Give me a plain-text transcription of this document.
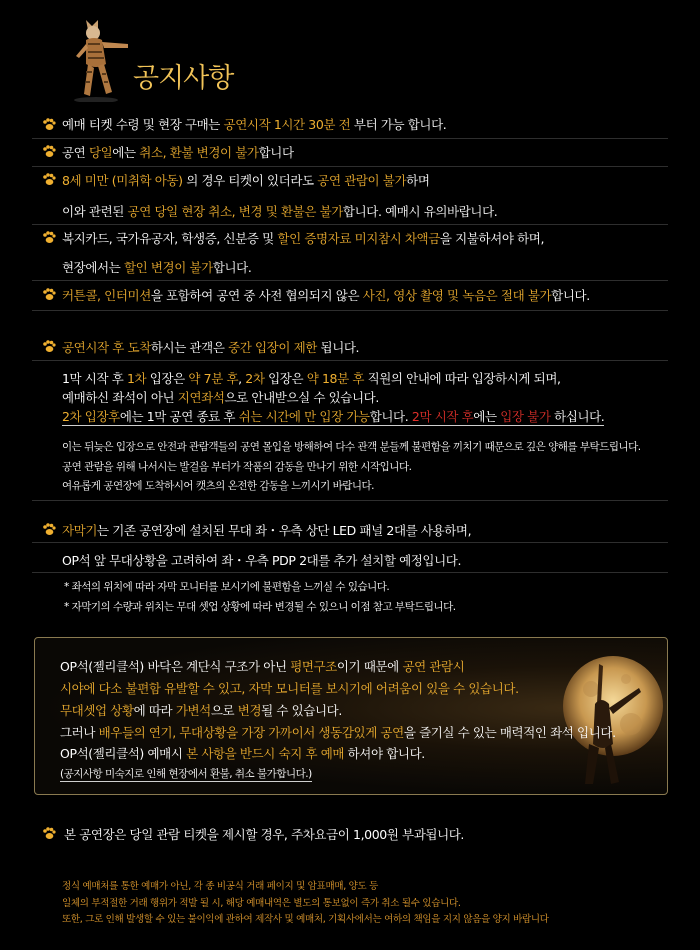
공지사항
예매 티켓 수령 및 현장 구매는 공연시작 1시간 30분 전 부터 가능 합니다.
공연 당일에는 취소, 환불 변경이 불가합니다
8세 미만 (미취학 아동) 의 경우 티켓이 있더라도 공연 관람이 불가하며
이와 관련된 공연 당일 현장 취소, 변경 및 환불은 불가합니다. 예매시 유의바랍니다.
복지카드, 국가유공자, 학생증, 신분증 및 할인 증명자료 미지참시 차액금을 지불하셔야 하며,
현장에서는 할인 변경이 불가합니다.
커튼콜, 인터미션을 포함하여 공연 중 사전 협의되지 않은 사진, 영상 촬영 및 녹음은 절대 불가합니다.
공연시작 후 도착하시는 관객은 중간 입장이 제한 됩니다.
1막 시작 후 1차 입장은 약 7분 후, 2차 입장은 약 18분 후 직원의 안내에 따라 입장하시게 되며,
예매하신 좌석이 아닌 지연좌석으로 안내받으실 수 있습니다.
2차 입장후에는 1막 공연 종료 후 쉬는 시간에 만 입장 가능합니다. 2막 시작 후에는 입장 불가 하십니다.
이는 뒤늦은 입장으로 안전과 관람객들의 공연 몰입을 방해하여 다수 관객 분들께 불편함을 끼치기 때문으로 깊은 양해를 부탁드립니다.
공연 관람을 위해 나서시는 발걸음 부터가 작품의 감동을 만나기 위한 시작입니다.
여유롭게 공연장에 도착하시어 캣츠의 온전한 감동을 느끼시기 바랍니다.
자막기는 기존 공연장에 설치된 무대 좌・우측 상단 LED 패널 2대를 사용하며,
OP석 앞 무대상황을 고려하여 좌・우측 PDP 2대를 추가 설치할 예정입니다.
* 좌석의 위치에 따라 자막 모니터를 보시기에 불편함을 느끼실 수 있습니다.
* 자막기의 수량과 위치는 무대 셋업 상황에 따라 변경될 수 있으니 이점 참고 부탁드립니다.
OP석(젤리클석) 바닥은 계단식 구조가 아닌 평면구조이기 때문에 공연 관람시
시야에 다소 불편함 유발할 수 있고, 자막 모니터를 보시기에 어려움이 있을 수 있습니다.
무대셋업 상황에 따라 가변석으로 변경될 수 있습니다.
그러나 배우들의 연기, 무대상황을 가장 가까이서 생동감있게 공연을 즐기실 수 있는 매력적인 좌석 입니다.
OP석(젤리클석) 예매시 본 사항을 반드시 숙지 후 예매 하셔야 합니다.
(공지사항 미숙지로 인해 현장에서 환불, 취소 불가합니다.)
본 공연장은 당일 관람 티켓을 제시할 경우, 주차요금이 1,000원 부과됩니다.
정식 예매처를 통한 예매가 아닌, 각 종 비공식 거래 페이지 및 암표매매, 양도 등
일체의 부적절한 거래 행위가 적발 될 시, 해당 예매내역은 별도의 통보없이 즉가 취소 될수 있습니다.
또한, 그로 인해 발생할 수 있는 불이익에 관하여 제작사 및 예매처, 기획사에서는 여하의 책임을 지지 않음을 양지 바랍니다
